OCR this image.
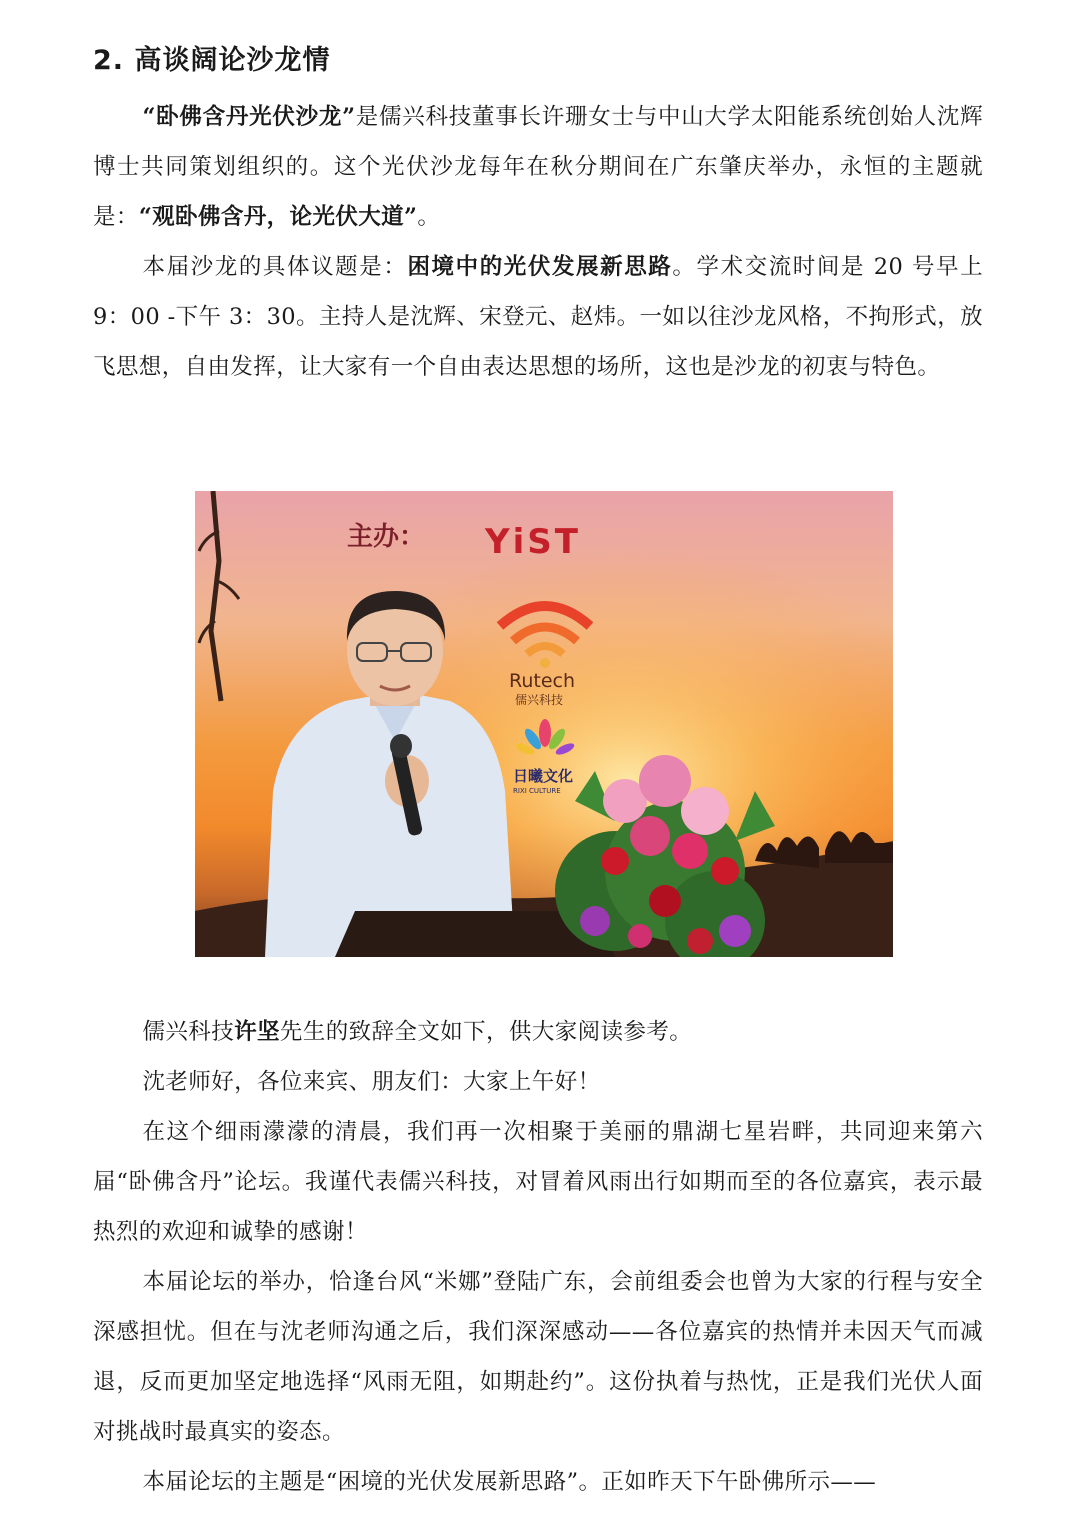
2. 高谈阔论沙龙情

“卧佛含丹光伏沙龙”是儒兴科技董事长许珊女士与中山大学太阳能系统创始人沈辉博士共同策划组织的。这个光伏沙龙每年在秋分期间在广东肇庆举办，永恒的主题就是：“观卧佛含丹，论光伏大道”。

本届沙龙的具体议题是：困境中的光伏发展新思路。学术交流时间是 20 号早上 9：00 -下午 3：30。主持人是沈辉、宋登元、赵炜。一如以往沙龙风格，不拘形式，放飞思想，自由发挥，让大家有一个自由表达思想的场所，这也是沙龙的初衷与特色。

主办： YiST
Rutech
儒兴科技
日曦文化
RIXI CULTURE

儒兴科技许坚先生的致辞全文如下，供大家阅读参考。

沈老师好，各位来宾、朋友们：大家上午好！

在这个细雨濛濛的清晨，我们再一次相聚于美丽的鼎湖七星岩畔，共同迎来第六届“卧佛含丹”论坛。我谨代表儒兴科技，对冒着风雨出行如期而至的各位嘉宾，表示最热烈的欢迎和诚挚的感谢！

本届论坛的举办，恰逢台风“米娜”登陆广东，会前组委会也曾为大家的行程与安全深感担忧。但在与沈老师沟通之后，我们深深感动——各位嘉宾的热情并未因天气而减退，反而更加坚定地选择“风雨无阻，如期赴约”。这份执着与热忱，正是我们光伏人面对挑战时最真实的姿态。

本届论坛的主题是“困境的光伏发展新思路”。正如昨天下午卧佛所示——
